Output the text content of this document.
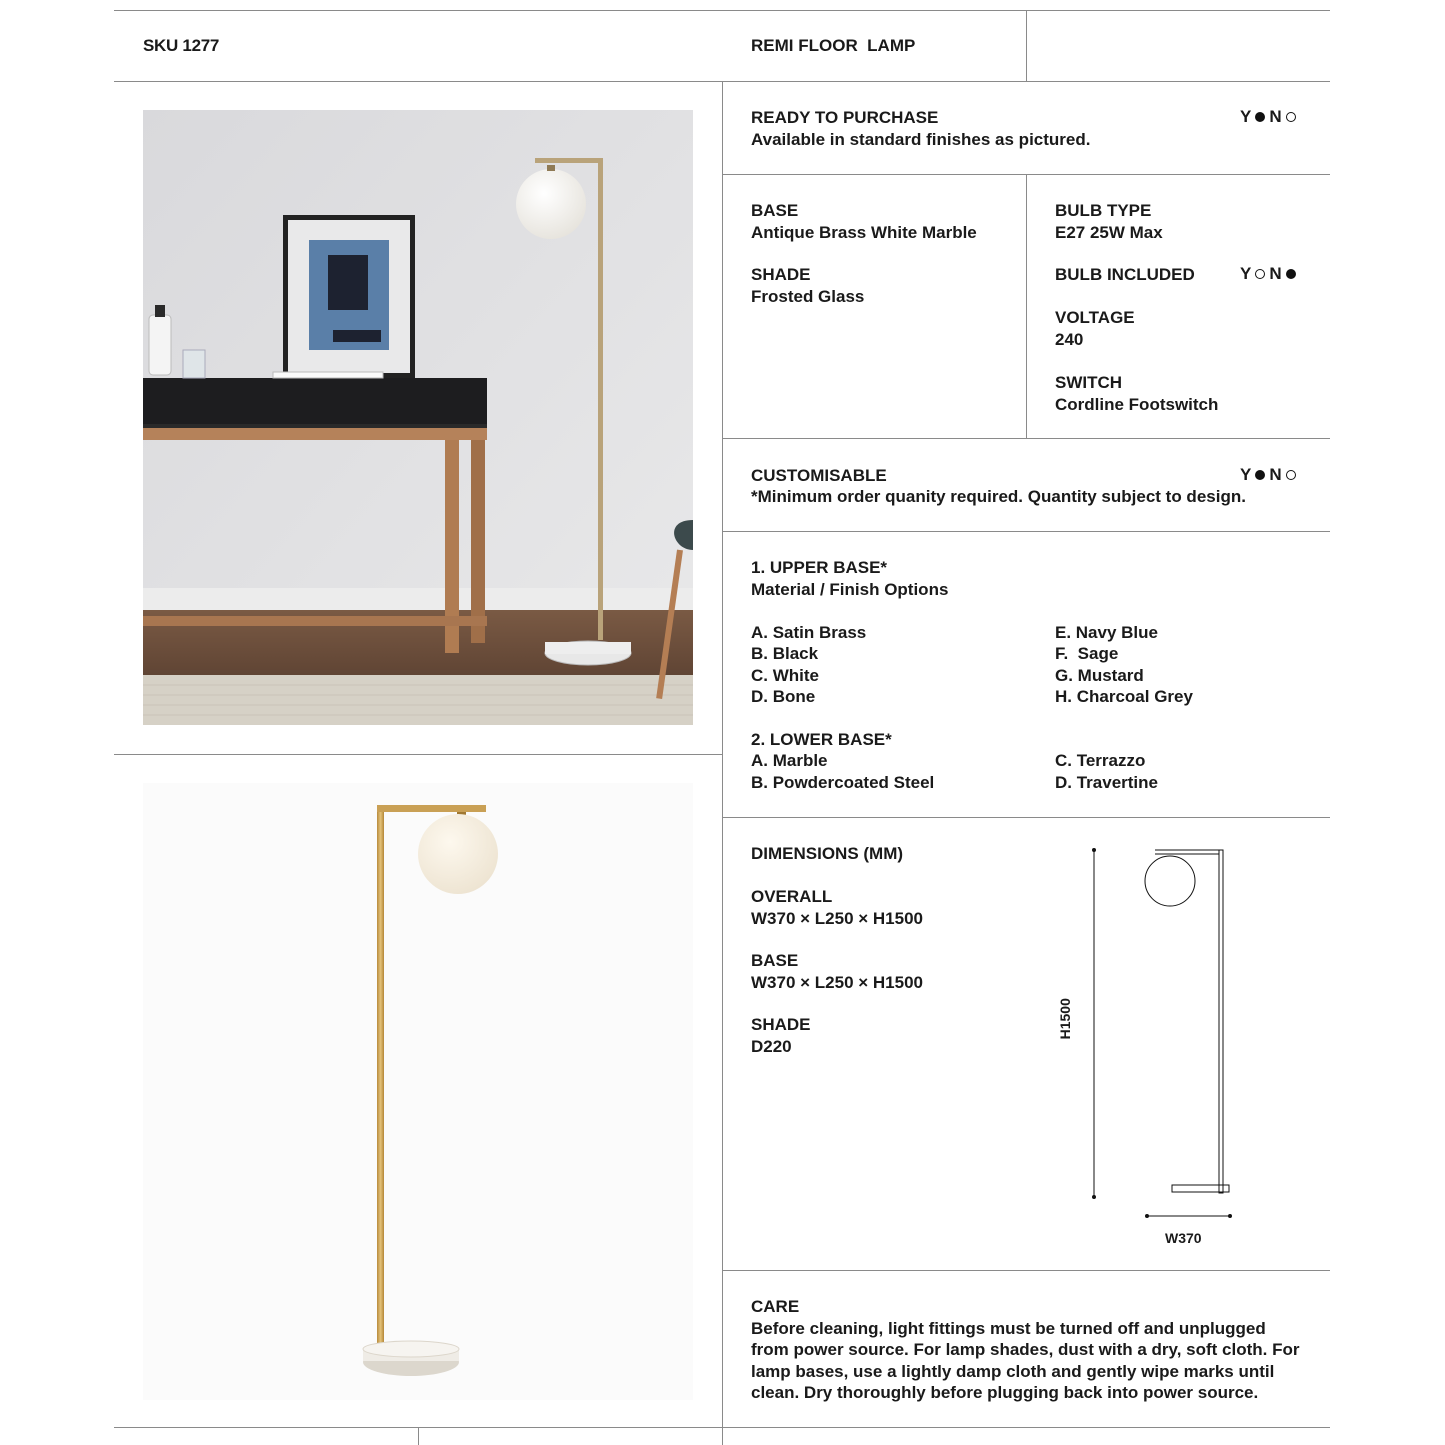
SKU 1277	REMI FLOOR  LAMP
READY TO PURCHASE
Available in standard finishes as pictured.
Y N
BASE
Antique Brass White Marble
SHADE
Frosted Glass
BULB TYPE
E27 25W Max
BULB INCLUDED	Y N
VOLTAGE
240
SWITCH
Cordline Footswitch
CUSTOMISABLE
*Minimum order quanity required. Quantity subject to design.
Y N
1. UPPER BASE*
Material / Finish Options
A. Satin Brass
B. Black
C. White
D. Bone
E. Navy Blue
F.  Sage
G. Mustard
H. Charcoal Grey
2. LOWER BASE*
A. Marble
B. Powdercoated Steel
C. Terrazzo
D. Travertine
DIMENSIONS (MM)
OVERALL
W370 × L250 × H1500
BASE
W370 × L250 × H1500
SHADE
D220
H1500
W370
CARE
Before cleaning, light fittings must be turned off and unplugged
from power source. For lamp shades, dust with a dry, soft cloth. For
lamp bases, use a lightly damp cloth and gently wipe marks until
clean. Dry thoroughly before plugging back into power source.
